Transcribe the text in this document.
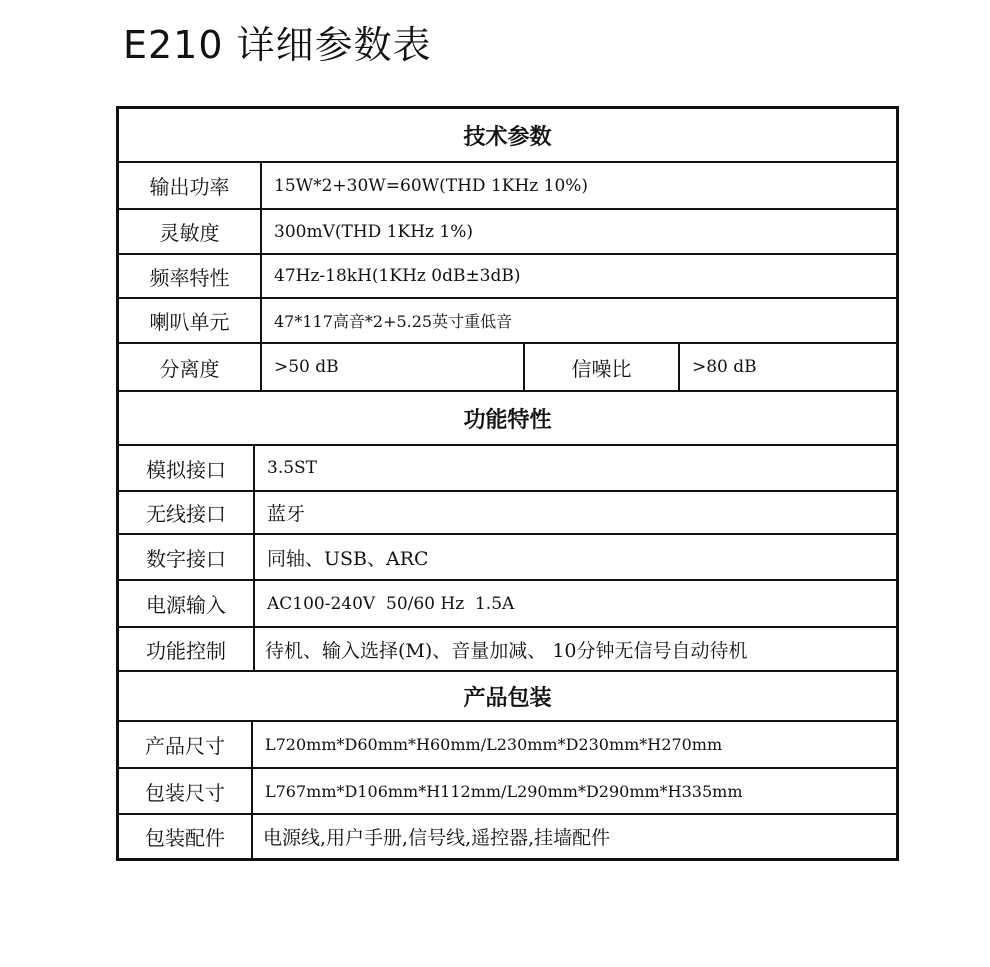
E210 详细参数表
技术参数
输出功率	15W*2+30W=60W(THD 1KHz 10%)
灵敏度	300mV(THD 1KHz 1%)
频率特性	47Hz-18kH(1KHz 0dB±3dB)
喇叭单元	47*117高音*2+5.25英寸重低音
分离度	>50 dB	信噪比	>80 dB
功能特性
模拟接口	3.5ST
无线接口	蓝牙
数字接口	同轴、USB、ARC
电源输入	AC100-240V  50/60 Hz  1.5A
功能控制	待机、输入选择(M)、音量加减、 10分钟无信号自动待机
产品包装
产品尺寸	L720mm*D60mm*H60mm/L230mm*D230mm*H270mm
包装尺寸	L767mm*D106mm*H112mm/L290mm*D290mm*H335mm
包装配件	电源线,用户手册,信号线,遥控器,挂墙配件
